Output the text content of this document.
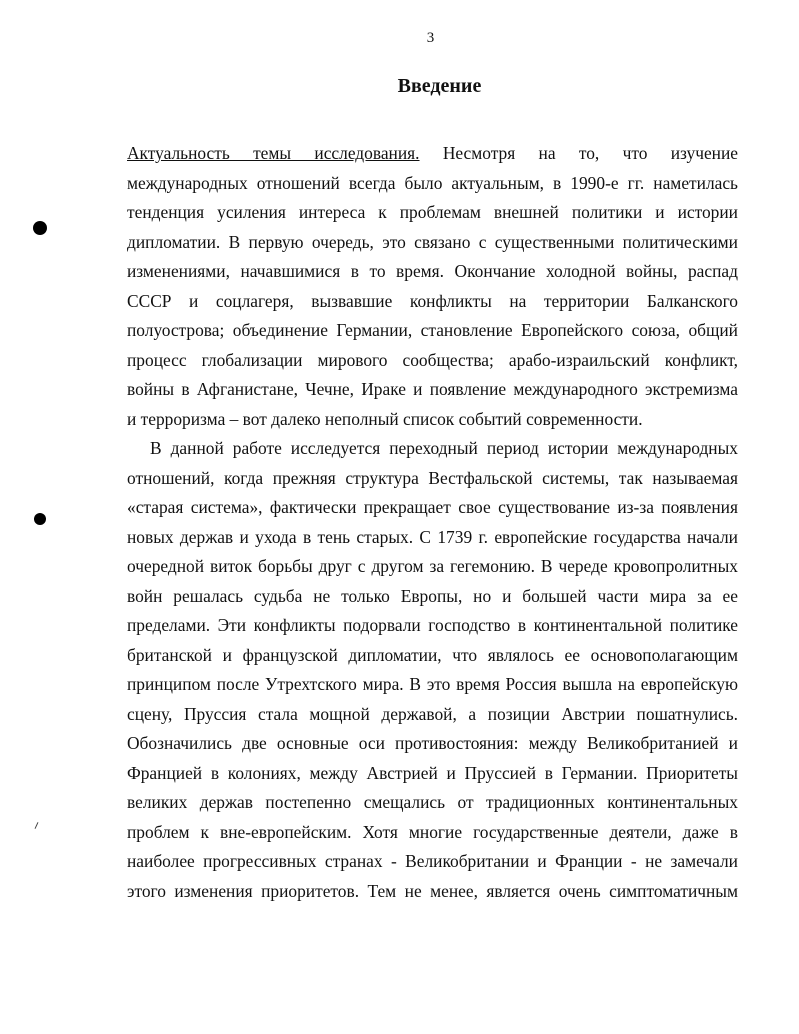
3
Введение
Актуальность темы исследования. Несмотря на то, что изучение
международных отношений всегда было актуальным, в 1990-е гг. наметилась
тенденция усиления интереса к проблемам внешней политики и истории
дипломатии. В первую очередь, это связано с существенными политическими
изменениями, начавшимися в то время. Окончание холодной войны, распад
СССР и соцлагеря, вызвавшие конфликты на территории Балканского
полуострова; объединение Германии, становление Европейского союза, общий
процесс глобализации мирового сообщества; арабо-израильский конфликт,
войны в Афганистане, Чечне, Ираке и появление международного экстремизма
и терроризма – вот далеко неполный список событий современности.
В данной работе исследуется переходный период истории международных
отношений, когда прежняя структура Вестфальской системы, так называемая
«старая система», фактически прекращает свое существование из-за появления
новых держав и ухода в тень старых. С 1739 г. европейские государства начали
очередной виток борьбы друг с другом за гегемонию. В череде кровопролитных
войн решалась судьба не только Европы, но и большей части мира за ее
пределами. Эти конфликты подорвали господство в континентальной политике
британской и французской дипломатии, что являлось ее основополагающим
принципом после Утрехтского мира. В это время Россия вышла на европейскую
сцену, Пруссия стала мощной державой, а позиции Австрии пошатнулись.
Обозначились две основные оси противостояния: между Великобританией и
Францией в колониях, между Австрией и Пруссией в Германии. Приоритеты
великих держав постепенно смещались от традиционных континентальных
проблем к вне-европейским. Хотя многие государственные деятели, даже в
наиболее прогрессивных странах - Великобритании и Франции - не замечали
этого изменения приоритетов. Тем не менее, является очень симптоматичным
